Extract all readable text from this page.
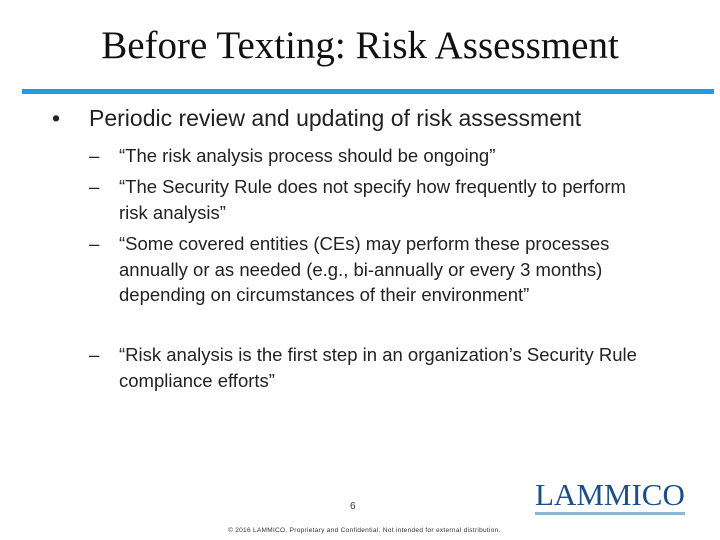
Before Texting: Risk Assessment
• Periodic review and updating of risk assessment
– “The risk analysis process should be ongoing”
– “The Security Rule does not specify how frequently to perform risk analysis”
– “Some covered entities (CEs) may perform these processes annually or as needed (e.g., bi-annually or every 3 months) depending on circumstances of their environment”
– “Risk analysis is the first step in an organization’s Security Rule compliance efforts”
6
© 2016 LAMMICO. Proprietary and Confidential. Not intended for external distribution.
LAMMICO
